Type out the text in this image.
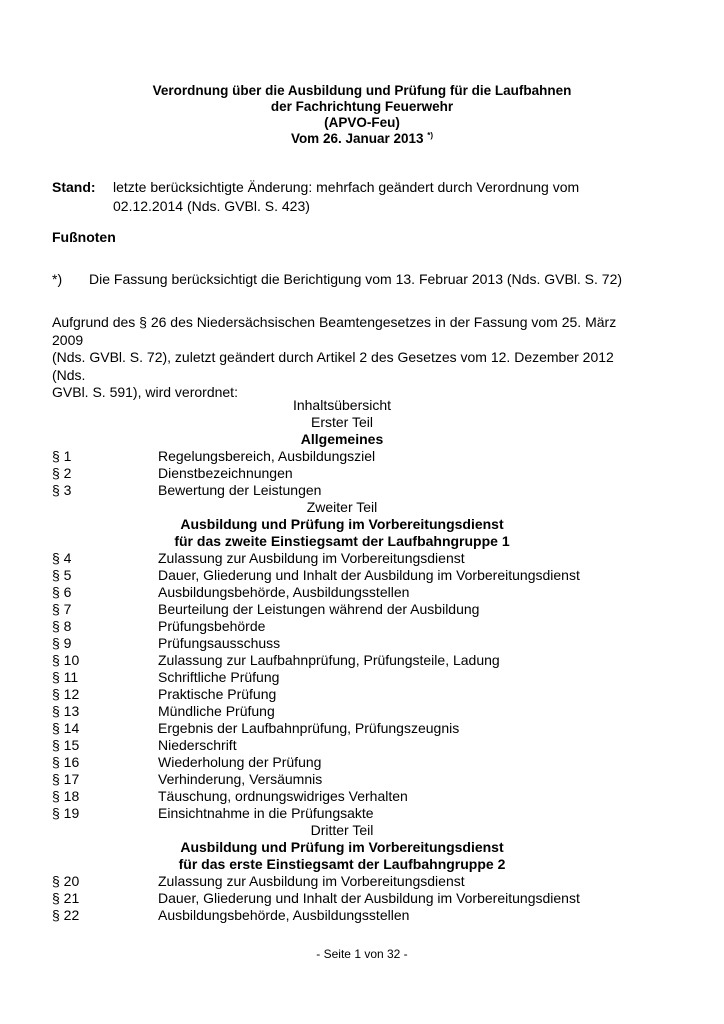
Verordnung über die Ausbildung und Prüfung für die Laufbahnen
der Fachrichtung Feuerwehr
(APVO-Feu)
Vom 26. Januar 2013 *)
Stand: letzte berücksichtigte Änderung: mehrfach geändert durch Verordnung vom
02.12.2014 (Nds. GVBl. S. 423)
Fußnoten
*) Die Fassung berücksichtigt die Berichtigung vom 13. Februar 2013 (Nds. GVBl. S. 72)
Aufgrund des § 26 des Niedersächsischen Beamtengesetzes in der Fassung vom 25. März 2009
(Nds. GVBl. S. 72), zuletzt geändert durch Artikel 2 des Gesetzes vom 12. Dezember 2012 (Nds.
GVBl. S. 591), wird verordnet:
Inhaltsübersicht
Erster Teil
Allgemeines
§ 1	Regelungsbereich, Ausbildungsziel
§ 2	Dienstbezeichnungen
§ 3	Bewertung der Leistungen
Zweiter Teil
Ausbildung und Prüfung im Vorbereitungsdienst
für das zweite Einstiegsamt der Laufbahngruppe 1
§ 4	Zulassung zur Ausbildung im Vorbereitungsdienst
§ 5	Dauer, Gliederung und Inhalt der Ausbildung im Vorbereitungsdienst
§ 6	Ausbildungsbehörde, Ausbildungsstellen
§ 7	Beurteilung der Leistungen während der Ausbildung
§ 8	Prüfungsbehörde
§ 9	Prüfungsausschuss
§ 10	Zulassung zur Laufbahnprüfung, Prüfungsteile, Ladung
§ 11	Schriftliche Prüfung
§ 12	Praktische Prüfung
§ 13	Mündliche Prüfung
§ 14	Ergebnis der Laufbahnprüfung, Prüfungszeugnis
§ 15	Niederschrift
§ 16	Wiederholung der Prüfung
§ 17	Verhinderung, Versäumnis
§ 18	Täuschung, ordnungswidriges Verhalten
§ 19	Einsichtnahme in die Prüfungsakte
Dritter Teil
Ausbildung und Prüfung im Vorbereitungsdienst
für das erste Einstiegsamt der Laufbahngruppe 2
§ 20	Zulassung zur Ausbildung im Vorbereitungsdienst
§ 21	Dauer, Gliederung und Inhalt der Ausbildung im Vorbereitungsdienst
§ 22	Ausbildungsbehörde, Ausbildungsstellen
- Seite 1 von 32 -
